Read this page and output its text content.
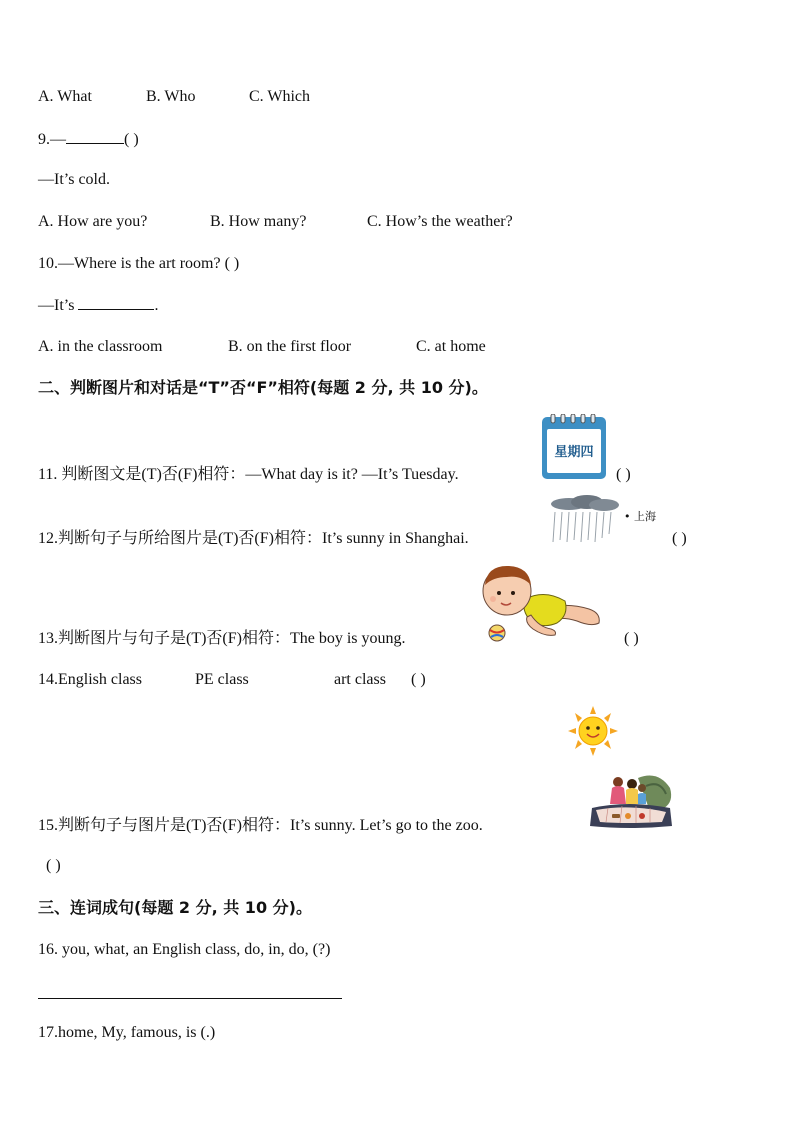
A. What	B. Who	C. Which
9.—	( )
—It’s cold.
A. How are you?	B. How many?	C. How’s the weather?
10.—Where is the art room? ( )
—It’s	.
A. in the classroom	B. on the first floor	C. at home
二、判断图片和对话是“T”否“F”相符(每题 2 分, 共 10 分)。
星期四
11. 判断图文是(T)否(F)相符：—What day is it? —It’s Tuesday.	( )
• 上海
12.判断句子与所给图片是(T)否(F)相符：It’s sunny in Shanghai.	( )
13.判断图片与句子是(T)否(F)相符：The boy is young.	( )
14.English class	PE class	art class ( )
15.判断句子与图片是(T)否(F)相符：It’s sunny. Let’s go to the zoo.
( )
三、连词成句(每题 2 分, 共 10 分)。
16. you, what, an English class, do, in, do, (?)
17.home, My, famous, is (.)
